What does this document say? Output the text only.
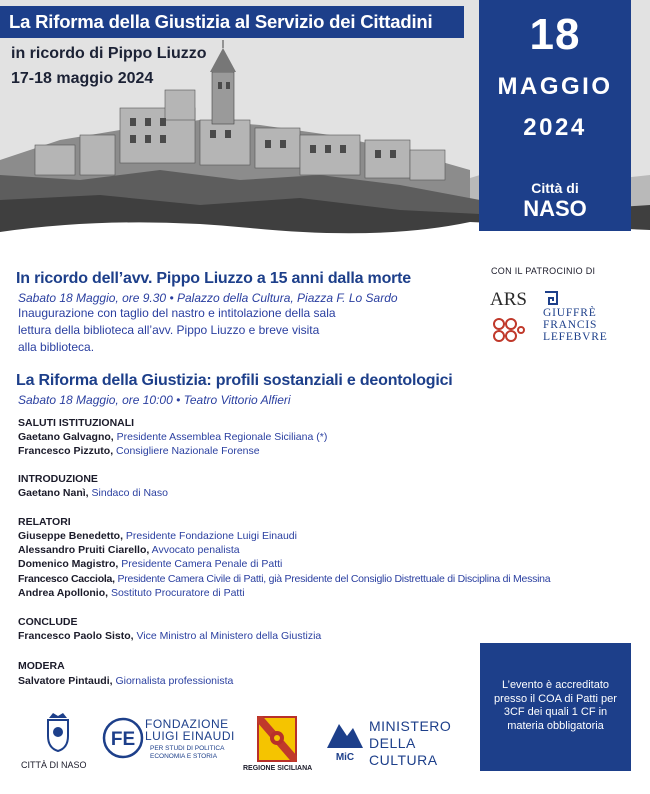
La Riforma della Giustizia al Servizio dei Cittadini
in ricordo di Pippo Liuzzo
17-18 maggio 2024
18
MAGGIO
2024
Città di
NASO
In ricordo dell’avv. Pippo Liuzzo a 15 anni dalla morte
Sabato 18 Maggio, ore 9.30 • Palazzo della Cultura, Piazza F. Lo Sardo
Inaugurazione con taglio del nastro e intitolazione della sala
lettura della biblioteca all’avv. Pippo Liuzzo e breve visita
alla biblioteca.
CON IL PATROCINIO DI
ARS
GIUFFRÈ
FRANCIS
LEFEBVRE
La Riforma della Giustizia: profili sostanziali e deontologici
Sabato 18 Maggio, ore 10:00 • Teatro Vittorio Alfieri
SALUTI ISTITUZIONALI
Gaetano Galvagno, Presidente Assemblea Regionale Siciliana (*)
Francesco Pizzuto, Consigliere Nazionale Forense
INTRODUZIONE
Gaetano Nanì, Sindaco di Naso
RELATORI
Giuseppe Benedetto, Presidente Fondazione Luigi Einaudi
Alessandro Pruiti Ciarello, Avvocato penalista
Domenico Magistro, Presidente Camera Penale di Patti
Francesco Cacciola, Presidente Camera Civile di Patti, già Presidente del Consiglio Distrettuale di Disciplina di Messina
Andrea Apollonio, Sostituto Procuratore di Patti
CONCLUDE
Francesco Paolo Sisto, Vice Ministro al Ministero della Giustizia
MODERA
Salvatore Pintaudi, Giornalista professionista	L’evento è accreditato presso il COA di Patti per 3CF dei quali 1 CF in materia obbligatoria
CITTÀ DI NASO
FE
FONDAZIONE
LUIGI EINAUDI
PER STUDI DI POLITICA
ECONOMIA E STORIA
REGIONE SICILIANA
MiC
MINISTERO
DELLA
CULTURA
